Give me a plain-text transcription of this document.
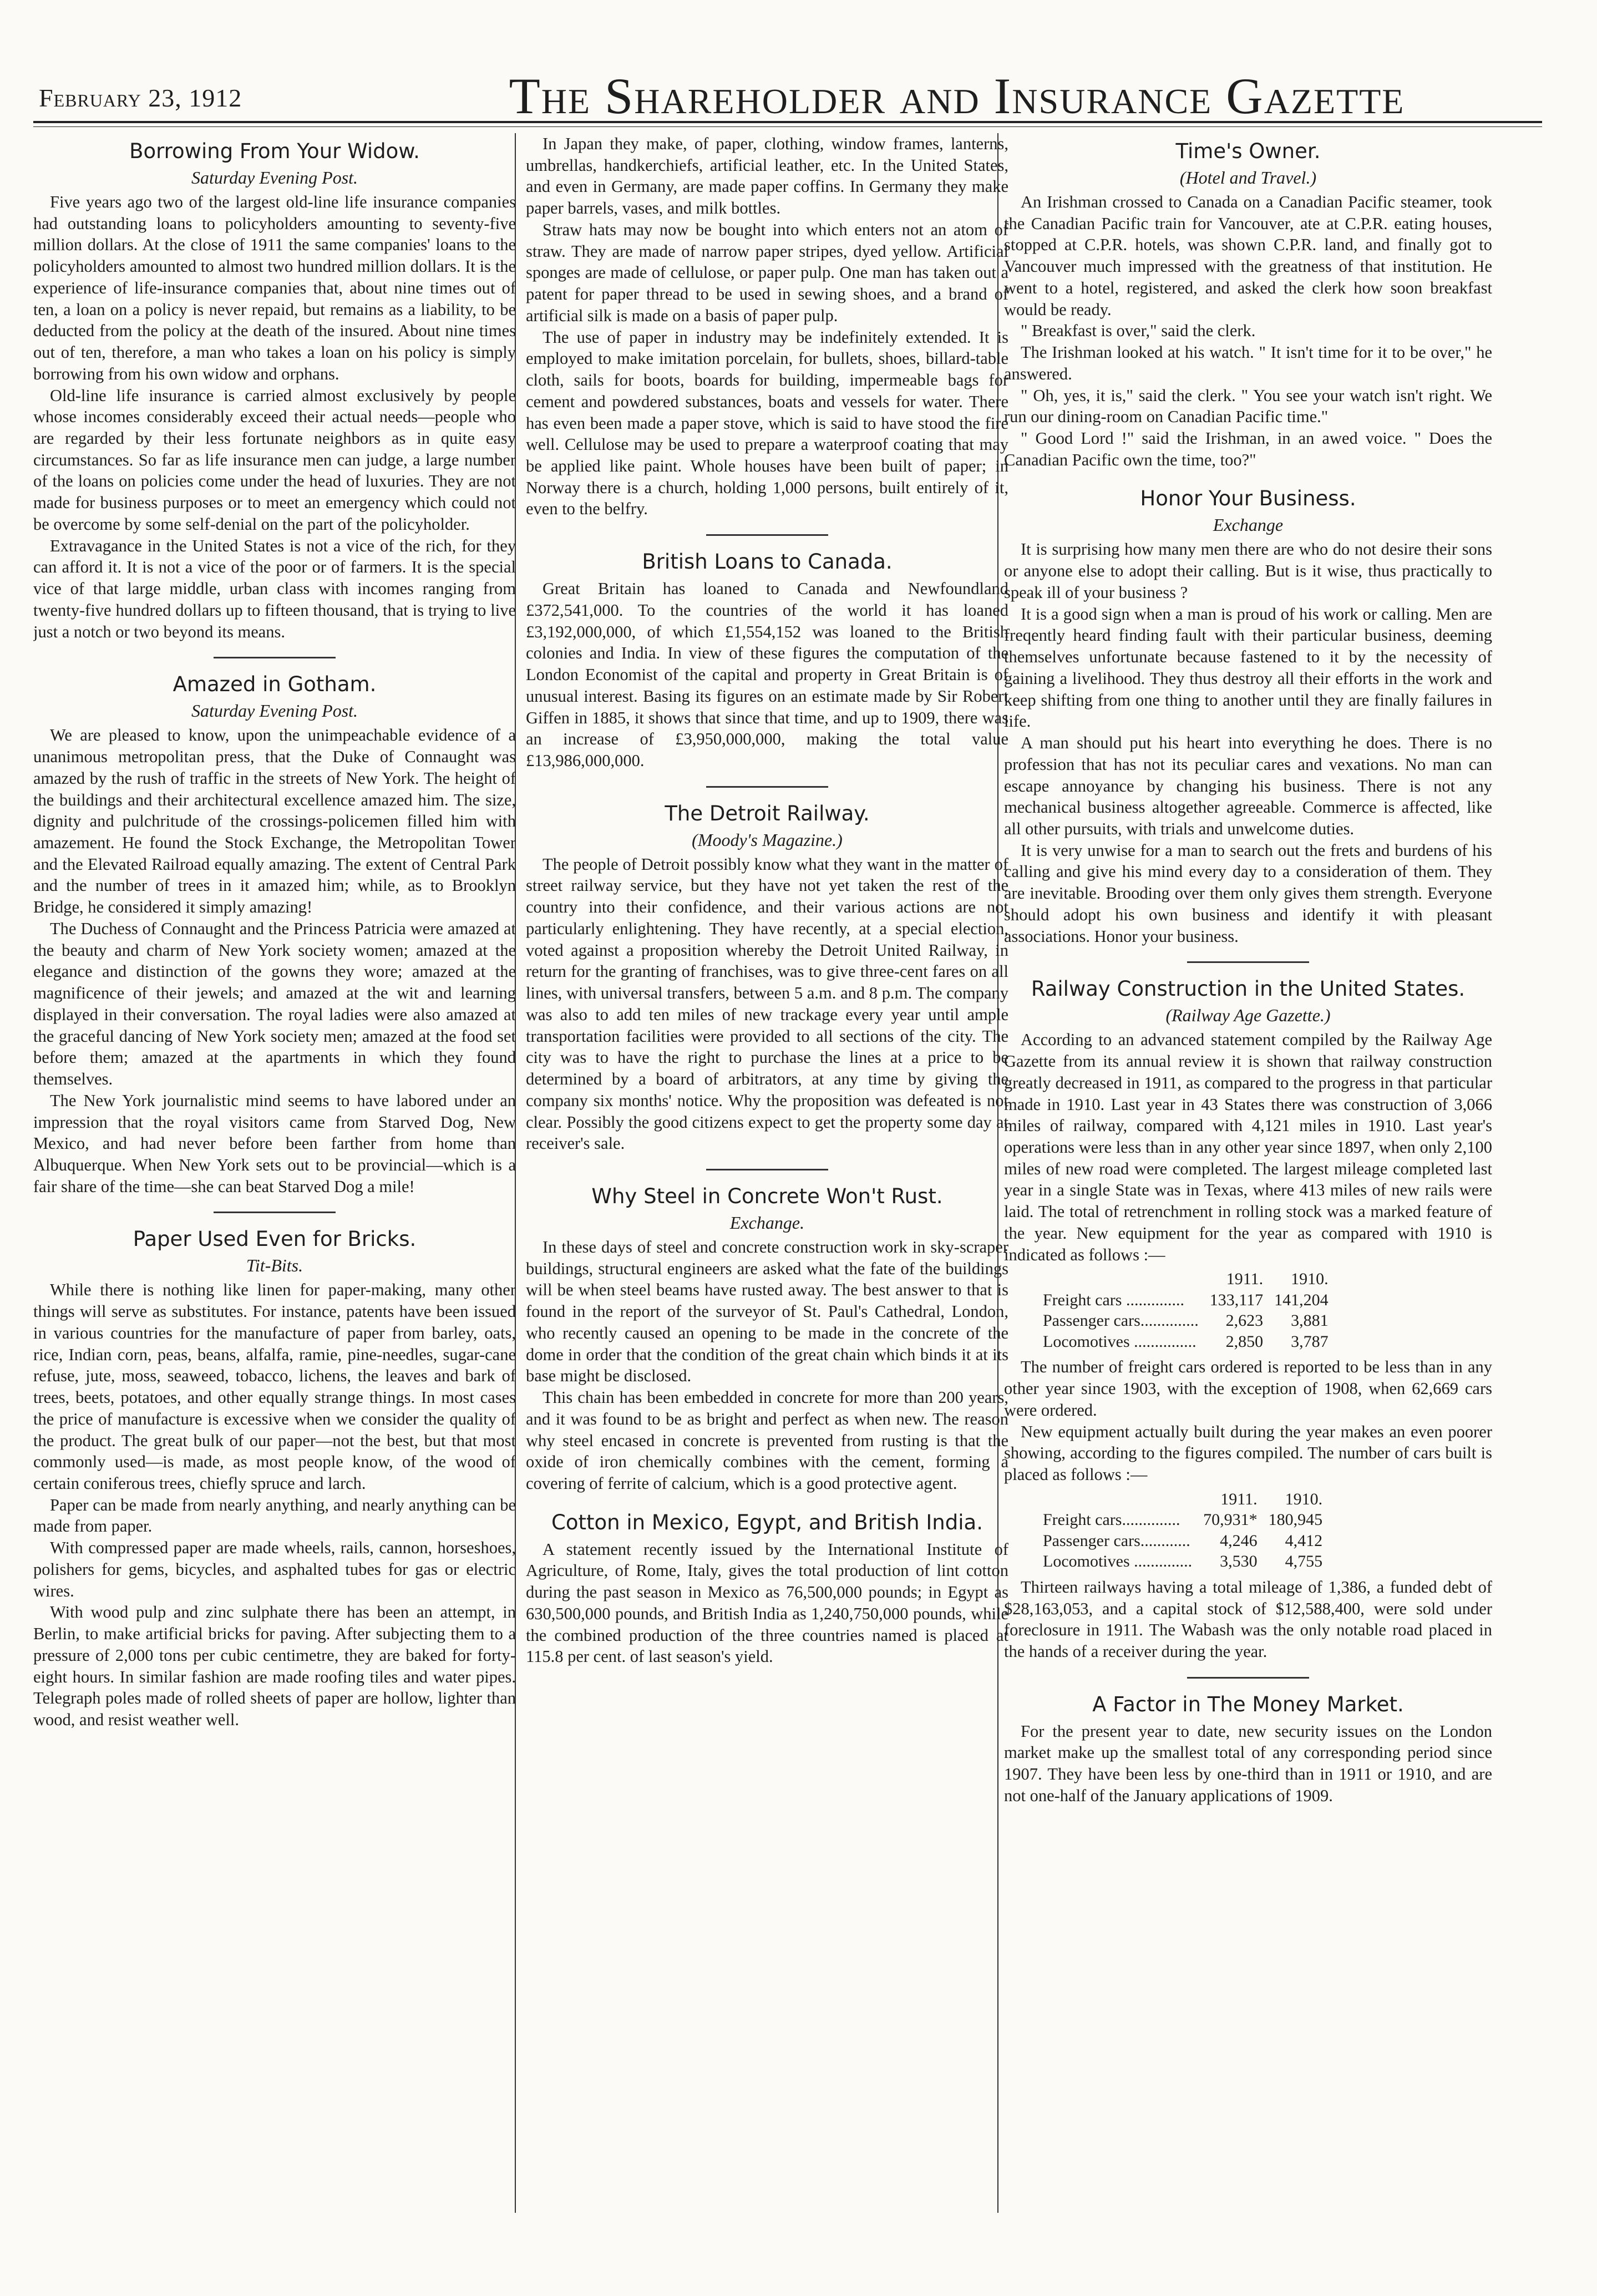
February 23, 1912	The Shareholder and Insurance Gazette
Borrowing From Your Widow.
Saturday Evening Post.

Five years ago two of the largest old-line life insurance companies had outstanding loans to policyholders amounting to seventy-five million dollars. At the close of 1911 the same companies' loans to the policyholders amounted to almost two hundred million dollars. It is the experience of life-insurance companies that, about nine times out of ten, a loan on a policy is never repaid, but remains as a liability, to be deducted from the policy at the death of the insured. About nine times out of ten, therefore, a man who takes a loan on his policy is simply borrowing from his own widow and orphans.

Old-line life insurance is carried almost exclusively by people whose incomes considerably exceed their actual needs—people who are regarded by their less fortunate neighbors as in quite easy circumstances. So far as life insurance men can judge, a large number of the loans on policies come under the head of luxuries. They are not made for business purposes or to meet an emergency which could not be overcome by some self-denial on the part of the policyholder.

Extravagance in the United States is not a vice of the rich, for they can afford it. It is not a vice of the poor or of farmers. It is the special vice of that large middle, urban class with incomes ranging from twenty-five hundred dollars up to fifteen thousand, that is trying to live just a notch or two beyond its means.

Amazed in Gotham.
Saturday Evening Post.

We are pleased to know, upon the unimpeachable evidence of a unanimous metropolitan press, that the Duke of Connaught was amazed by the rush of traffic in the streets of New York. The height of the buildings and their architectural excellence amazed him. The size, dignity and pulchritude of the crossings-policemen filled him with amazement. He found the Stock Exchange, the Metropolitan Tower and the Elevated Railroad equally amazing. The extent of Central Park and the number of trees in it amazed him; while, as to Brooklyn Bridge, he considered it simply amazing!

The Duchess of Connaught and the Princess Patricia were amazed at the beauty and charm of New York society women; amazed at the elegance and distinction of the gowns they wore; amazed at the magnificence of their jewels; and amazed at the wit and learning displayed in their conversation. The royal ladies were also amazed at the graceful dancing of New York society men; amazed at the food set before them; amazed at the apartments in which they found themselves.

The New York journalistic mind seems to have labored under an impression that the royal visitors came from Starved Dog, New Mexico, and had never before been farther from home than Albuquerque. When New York sets out to be provincial—which is a fair share of the time—she can beat Starved Dog a mile!

Paper Used Even for Bricks.
Tit-Bits.

While there is nothing like linen for paper-making, many other things will serve as substitutes. For instance, patents have been issued in various countries for the manufacture of paper from barley, oats, rice, Indian corn, peas, beans, alfalfa, ramie, pine-needles, sugar-cane refuse, jute, moss, seaweed, tobacco, lichens, the leaves and bark of trees, beets, potatoes, and other equally strange things. In most cases the price of manufacture is excessive when we consider the quality of the product. The great bulk of our paper—not the best, but that most commonly used—is made, as most people know, of the wood of certain coniferous trees, chiefly spruce and larch.

Paper can be made from nearly anything, and nearly anything can be made from paper.

With compressed paper are made wheels, rails, cannon, horseshoes, polishers for gems, bicycles, and asphalted tubes for gas or electric wires.

With wood pulp and zinc sulphate there has been an attempt, in Berlin, to make artificial bricks for paving. After subjecting them to a pressure of 2,000 tons per cubic centimetre, they are baked for forty-eight hours. In similar fashion are made roofing tiles and water pipes. Telegraph poles made of rolled sheets of paper are hollow, lighter than wood, and resist weather well.

In Japan they make, of paper, clothing, window frames, lanterns, umbrellas, handkerchiefs, artificial leather, etc. In the United States, and even in Germany, are made paper coffins. In Germany they make paper barrels, vases, and milk bottles.

Straw hats may now be bought into which enters not an atom of straw. They are made of narrow paper stripes, dyed yellow. Artificial sponges are made of cellulose, or paper pulp. One man has taken out a patent for paper thread to be used in sewing shoes, and a brand of artificial silk is made on a basis of paper pulp.

The use of paper in industry may be indefinitely extended. It is employed to make imitation porcelain, for bullets, shoes, billard-table cloth, sails for boots, boards for building, impermeable bags for cement and powdered substances, boats and vessels for water. There has even been made a paper stove, which is said to have stood the fire well. Cellulose may be used to prepare a waterproof coating that may be applied like paint. Whole houses have been built of paper; in Norway there is a church, holding 1,000 persons, built entirely of it, even to the belfry.

British Loans to Canada.

Great Britain has loaned to Canada and Newfoundland £372,541,000. To the countries of the world it has loaned £3,192,000,000, of which £1,554,152 was loaned to the British colonies and India. In view of these figures the computation of the London Economist of the capital and property in Great Britain is of unusual interest. Basing its figures on an estimate made by Sir Robert Giffen in 1885, it shows that since that time, and up to 1909, there was an increase of £3,950,000,000, making the total value £13,986,000,000.

The Detroit Railway.
(Moody's Magazine.)

The people of Detroit possibly know what they want in the matter of street railway service, but they have not yet taken the rest of the country into their confidence, and their various actions are not particularly enlightening. They have recently, at a special election, voted against a proposition whereby the Detroit United Railway, in return for the granting of franchises, was to give three-cent fares on all lines, with universal transfers, between 5 a.m. and 8 p.m. The company was also to add ten miles of new trackage every year until ample transportation facilities were provided to all sections of the city. The city was to have the right to purchase the lines at a price to be determined by a board of arbitrators, at any time by giving the company six months' notice. Why the proposition was defeated is not clear. Possibly the good citizens expect to get the property some day at receiver's sale.

Why Steel in Concrete Won't Rust.
Exchange.

In these days of steel and concrete construction work in sky-scraper buildings, structural engineers are asked what the fate of the buildings will be when steel beams have rusted away. The best answer to that is found in the report of the surveyor of St. Paul's Cathedral, London, who recently caused an opening to be made in the concrete of the dome in order that the condition of the great chain which binds it at its base might be disclosed.

This chain has been embedded in concrete for more than 200 years, and it was found to be as bright and perfect as when new. The reason why steel encased in concrete is prevented from rusting is that the oxide of iron chemically combines with the cement, forming a covering of ferrite of calcium, which is a good protective agent.

Cotton in Mexico, Egypt, and British India.

A statement recently issued by the International Institute of Agriculture, of Rome, Italy, gives the total production of lint cotton during the past season in Mexico as 76,500,000 pounds; in Egypt as 630,500,000 pounds, and British India as 1,240,750,000 pounds, while the combined production of the three countries named is placed at 115.8 per cent. of last season's yield.

Time's Owner.
(Hotel and Travel.)

An Irishman crossed to Canada on a Canadian Pacific steamer, took the Canadian Pacific train for Vancouver, ate at C.P.R. eating houses, stopped at C.P.R. hotels, was shown C.P.R. land, and finally got to Vancouver much impressed with the greatness of that institution. He went to a hotel, registered, and asked the clerk how soon breakfast would be ready.

" Breakfast is over," said the clerk.

The Irishman looked at his watch. " It isn't time for it to be over," he answered.

" Oh, yes, it is," said the clerk. " You see your watch isn't right. We run our dining-room on Canadian Pacific time."

" Good Lord !" said the Irishman, in an awed voice. " Does the Canadian Pacific own the time, too?"

Honor Your Business.
Exchange

It is surprising how many men there are who do not desire their sons or anyone else to adopt their calling. But is it wise, thus practically to speak ill of your business ?

It is a good sign when a man is proud of his work or calling. Men are freqently heard finding fault with their particular business, deeming themselves unfortunate because fastened to it by the necessity of gaining a livelihood. They thus destroy all their efforts in the work and keep shifting from one thing to another until they are finally failures in life.

A man should put his heart into everything he does. There is no profession that has not its peculiar cares and vexations. No man can escape annoyance by changing his business. There is not any mechanical business altogether agreeable. Commerce is affected, like all other pursuits, with trials and unwelcome duties.

It is very unwise for a man to search out the frets and burdens of his calling and give his mind every day to a consideration of them. They are inevitable. Brooding over them only gives them strength. Everyone should adopt his own business and identify it with pleasant associations. Honor your business.

Railway Construction in the United States.
(Railway Age Gazette.)

According to an advanced statement compiled by the Railway Age Gazette from its annual review it is shown that railway construction greatly decreased in 1911, as compared to the progress in that particular made in 1910. Last year in 43 States there was construction of 3,066 miles of railway, compared with 4,121 miles in 1910. Last year's operations were less than in any other year since 1897, when only 2,100 miles of new road were completed. The largest mileage completed last year in a single State was in Texas, where 413 miles of new rails were laid. The total of retrenchment in rolling stock was a marked feature of the year. New equipment for the year as compared with 1910 is indicated as follows :—

	1911.	1910.
Freight cars ..............	133,117	141,204
Passenger cars..............	2,623	3,881
Locomotives ...............	2,850	3,787

The number of freight cars ordered is reported to be less than in any other year since 1903, with the exception of 1908, when 62,669 cars were ordered.

New equipment actually built during the year makes an even poorer showing, according to the figures compiled. The number of cars built is placed as follows :—

	1911.	1910.
Freight cars..............	70,931*	180,945
Passenger cars............	4,246	4,412
Locomotives ..............	3,530	4,755

Thirteen railways having a total mileage of 1,386, a funded debt of $28,163,053, and a capital stock of $12,588,400, were sold under foreclosure in 1911. The Wabash was the only notable road placed in the hands of a receiver during the year.

A Factor in The Money Market.

For the present year to date, new security issues on the London market make up the smallest total of any corresponding period since 1907. They have been less by one-third than in 1911 or 1910, and are not one-half of the January applications of 1909.
